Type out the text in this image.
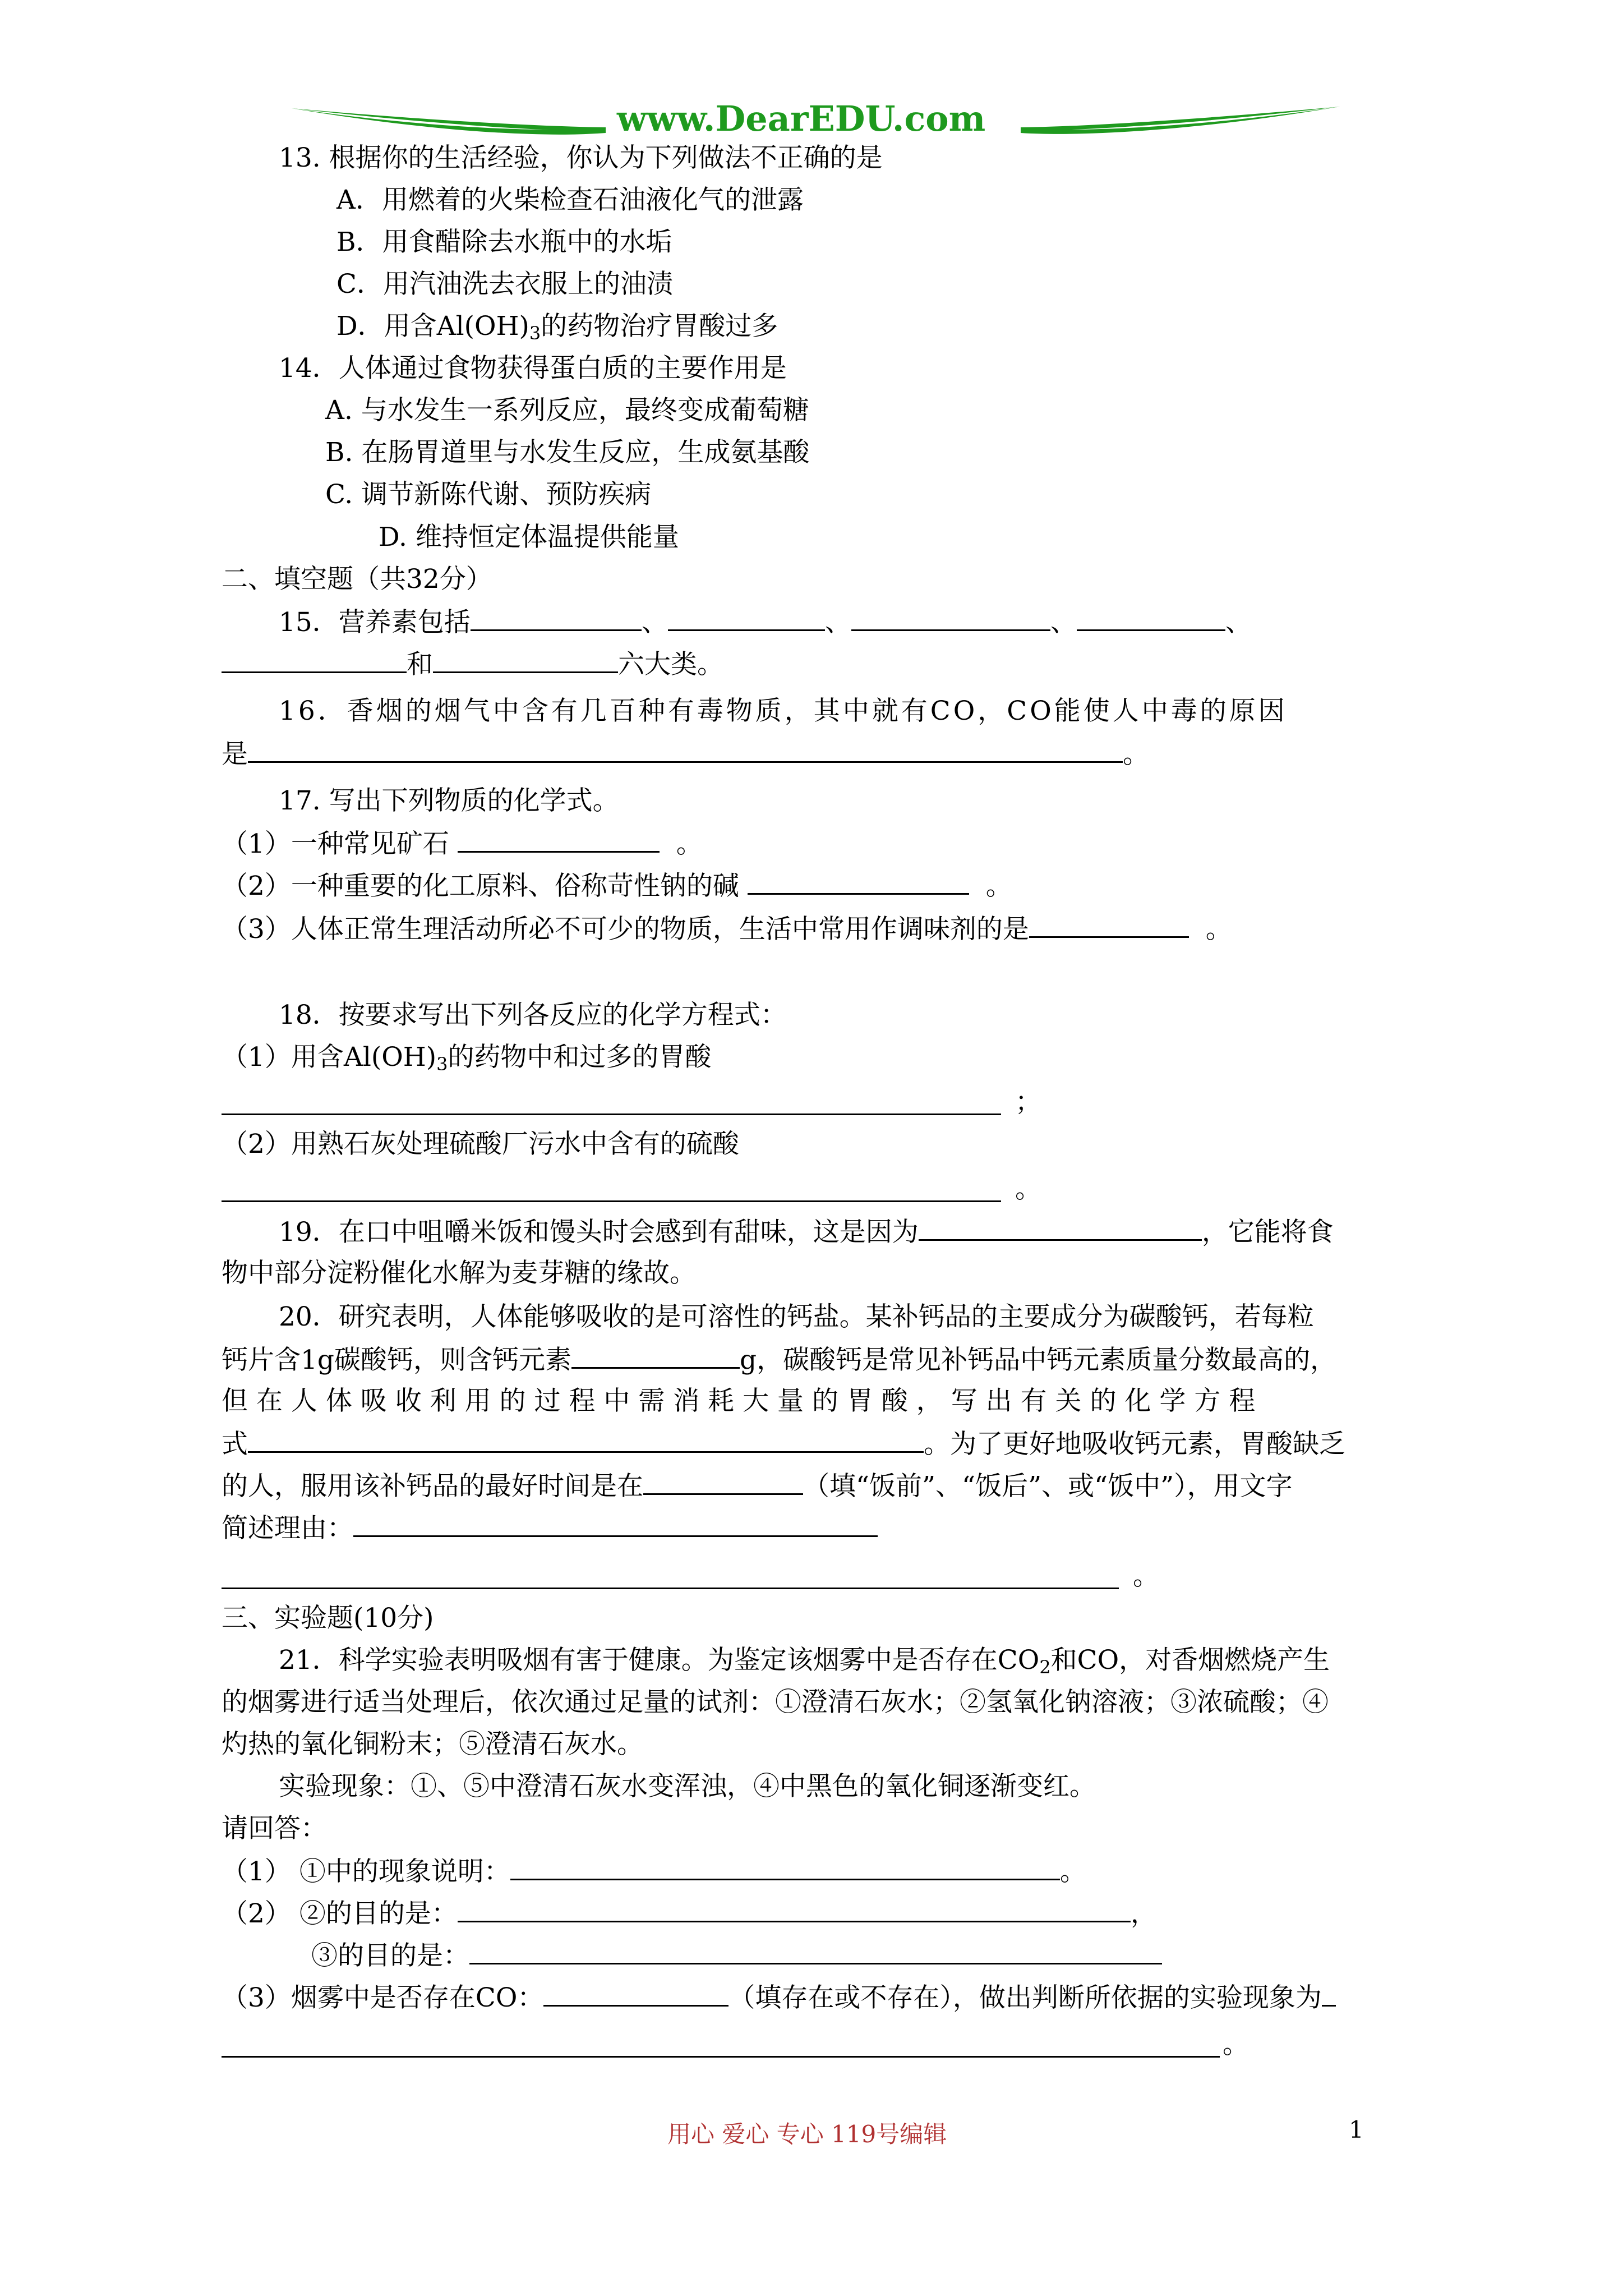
www.DearEDU.com
13. 根据你的生活经验，你认为下列做法不正确的是
A．用燃着的火柴检查石油液化气的泄露
B．用食醋除去水瓶中的水垢
C．用汽油洗去衣服上的油渍
D．用含$Al(OH)_3$的药物治疗胃酸过多
14．人体通过食物获得蛋白质的主要作用是
A. 与水发生一系列反应，最终变成葡萄糖
B. 在肠胃道里与水发生反应，生成氨基酸
C. 调节新陈代谢、预防疾病
D. 维持恒定体温提供能量
二、填空题（共32分）
15．营养素包括	、	、	、	、
和	六大类。
16．香烟的烟气中含有几百种有毒物质，其中就有CO，CO能使人中毒的原因
是	。
17. 写出下列物质的化学式。
（1）一种常见矿石	。
（2）一种重要的化工原料、俗称苛性钠的碱	。
（3）人体正常生理活动所必不可少的物质，生活中常用作调味剂的是	。
18．按要求写出下列各反应的化学方程式：
（1）用含$Al(OH)_3$的药物中和过多的胃酸
；
（2）用熟石灰处理硫酸厂污水中含有的硫酸
。
19．在口中咀嚼米饭和馒头时会感到有甜味，这是因为	，它能将食
物中部分淀粉催化水解为麦芽糖的缘故。
20．研究表明，人体能够吸收的是可溶性的钙盐。某补钙品的主要成分为碳酸钙，若每粒
钙片含1g碳酸钙，则含钙元素	g，碳酸钙是常见补钙品中钙元素质量分数最高的，
但 在 人 体 吸 收 利 用 的 过 程 中 需 消 耗 大 量 的 胃 酸 ， 写 出 有 关 的 化 学 方 程
式	。为了更好地吸收钙元素，胃酸缺乏
的人，服用该补钙品的最好时间是在	（填“饭前”、“饭后”、或“饭中”），用文字
简述理由：
。
三、实验题(10分)
21．科学实验表明吸烟有害于健康。为鉴定该烟雾中是否存在$CO_2$和CO，对香烟燃烧产生
的烟雾进行适当处理后，依次通过足量的试剂：①澄清石灰水；②氢氧化钠溶液；③浓硫酸；④
灼热的氧化铜粉末；⑤澄清石灰水。
实验现象：①、⑤中澄清石灰水变浑浊，④中黑色的氧化铜逐渐变红。
请回答：
（1） ①中的现象说明：	。
（2） ②的目的是：	，
③的目的是：
（3）烟雾中是否存在CO：	（填存在或不存在），做出判断所依据的实验现象为
。
用心 爱心 专心 119号编辑	1
